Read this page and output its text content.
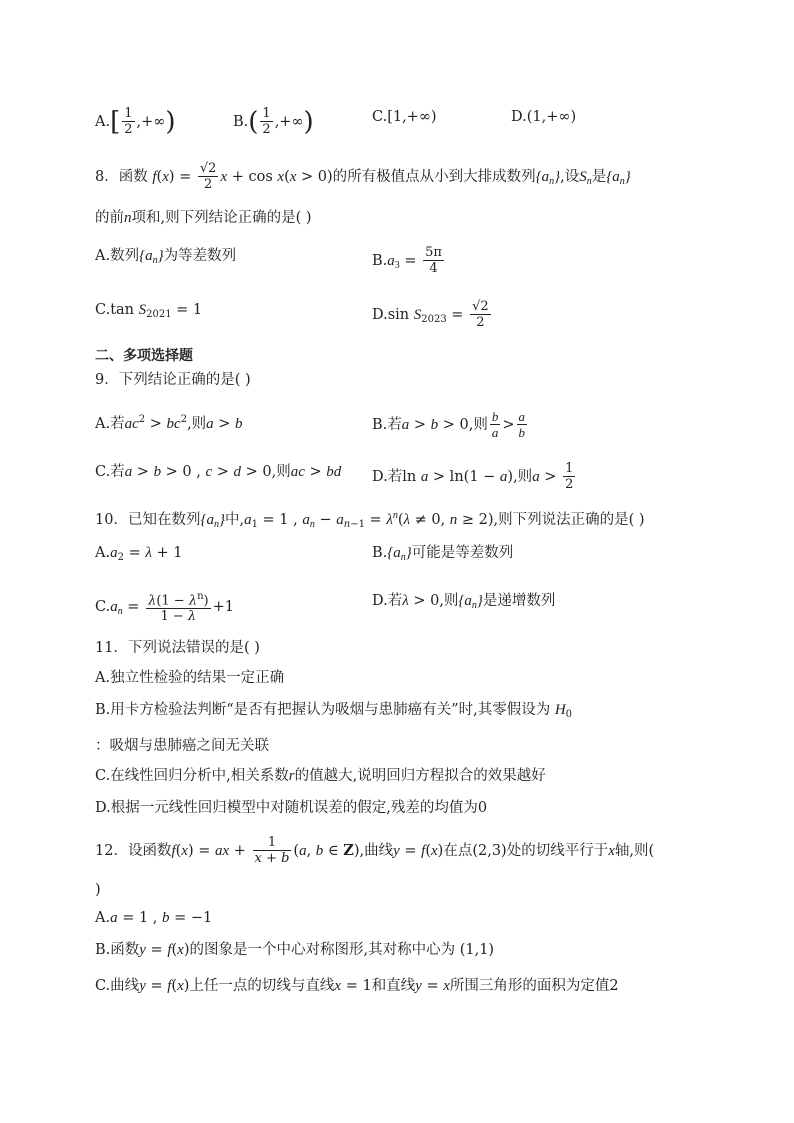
$A.[ \frac{1}{2}$ ,+∞)	$B.( \frac{1}{2}$ ,+∞)	C.[1,+∞)	D.(1,+∞)
8．函数 $f(x) = \frac{√2}{2}$ x + cos x(x > 0)的所有极值点从小到大排成数列$\{a_n\}$,设$S_n$是$\{a_n\}$
的前n项和,则下列结论正确的是( )
A.数列$\{a_n\}$为等差数列	$B.a_3 = \frac{5\pi}{4}$
C.tan $S_{2021} = 1$	D.sin $S_{2023} = \frac{√2}{2}$
二、多项选择题
9．下列结论正确的是( )
A.若$ac^2 > bc^2$,则a > b	B.若a > b > 0,则 $\frac{b}{a} > \frac{a}{b}$
C.若a > b > 0 , c > d > 0,则ac > bd D.若ln a > ln(1 − a),则$a > \frac{1}{2}$
10．已知在数列$\{a_n\}$中$,a_1 = 1$ , $a_n - a_{n-1} = \lambda^n(\lambda \ne 0$, n ≥ 2),则下列说法正确的是( )
$A.a_2 = \lambda + 1$	$B.\{a_n\}$可能是等差数列
$C.a_n = \frac{\lambda(1 - \lambda^n)}{1 - \lambda} +1$	D.若λ > 0,则$\{a_n\}$是递增数列
11．下列说法错误的是( )
A.独立性检验的结果一定正确
B.用卡方检验法判断“是否有把握认为吸烟与患肺癌有关”时,其零假设为 $H_0$
：吸烟与患肺癌之间无关联
C.在线性回归分析中,相关系数r的值越大,说明回归方程拟合的效果越好
D.根据一元线性回归模型中对随机误差的假定,残差的均值为0
12．设函数f(x) = ax + $\frac{1}{x + b} (a$, b ∈ Z),曲线y = f(x)在点(2,3)处的切线平行于x轴,则(
)
A.a = 1 , b = −1
B.函数y = f(x)的图象是一个中心对称图形,其对称中心为 (1,1)
C.曲线y = f(x)上任一点的切线与直线x = 1和直线y = x所围三角形的面积为定值2
